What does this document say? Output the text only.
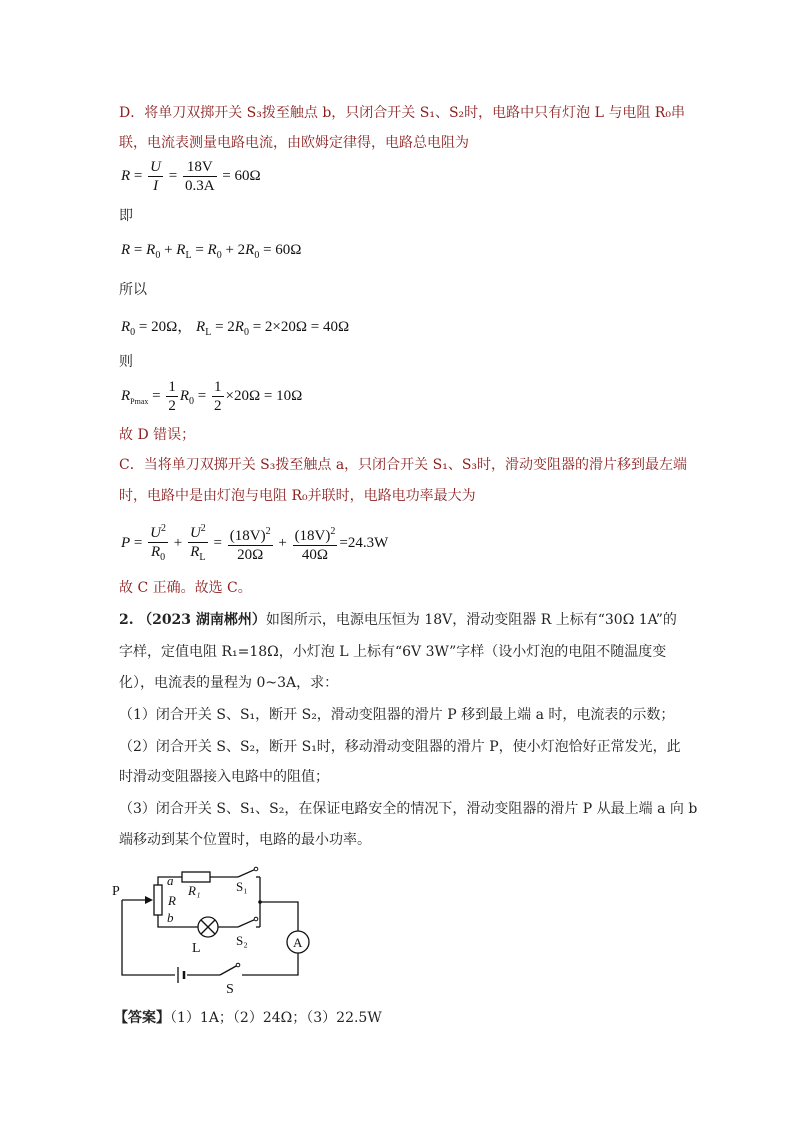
D．将单刀双掷开关 S₃拨至触点 b，只闭合开关 S₁、S₂时，电路中只有灯泡 L 与电阻 R₀串
联，电流表测量电路电流，由欧姆定律得，电路总电阻为
$R = \frac{U}{I} = \frac{18V}{0.3A} = 60\Omega$
即
$R = R_0 + R_L = R_0 + 2R_0 = 60\Omega$
所以
$R_0 = 20\Omega$， $R_L = 2R_0 = 2\times 20\Omega = 40\Omega$
则
$R_{Pmax} = \frac{1}{2} R_0 = \frac{1}{2} \times 20\Omega = 10\Omega$
故 D 错误；
C．当将单刀双掷开关 S₃拨至触点 a，只闭合开关 S₁、S₃时，滑动变阻器的滑片移到最左端
时，电路中是由灯泡与电阻 R₀并联时，电路电功率最大为
$P = \frac{U^2}{R_0} + \frac{U^2}{R_L} = \frac{(18V)^2}{20\Omega} + \frac{(18V)^2}{40\Omega} =24.3W$
故 C 正确。故选 C。
2. （2023 湖南郴州）如图所示，电源电压恒为 18V，滑动变阻器 R 上标有“30Ω 1A”的
字样，定值电阻 R₁=18Ω，小灯泡 L 上标有“6V 3W”字样（设小灯泡的电阻不随温度变
化），电流表的量程为 0~3A，求：
（1）闭合开关 S、S₁，断开 S₂，滑动变阻器的滑片 P 移到最上端 a 时，电流表的示数；
（2）闭合开关 S、S₂，断开 S₁时，移动滑动变阻器的滑片 P，使小灯泡恰好正常发光，此
时滑动变阻器接入电路中的阻值；
（3）闭合开关 S、S₁、S₂，在保证电路安全的情况下，滑动变阻器的滑片 P 从最上端 a 向 b
端移动到某个位置时，电路的最小功率。
P
a
R
b
R₁	S₁
L
S₂	A
S
【答案】（1）1A；（2）24Ω；（3）22.5W
